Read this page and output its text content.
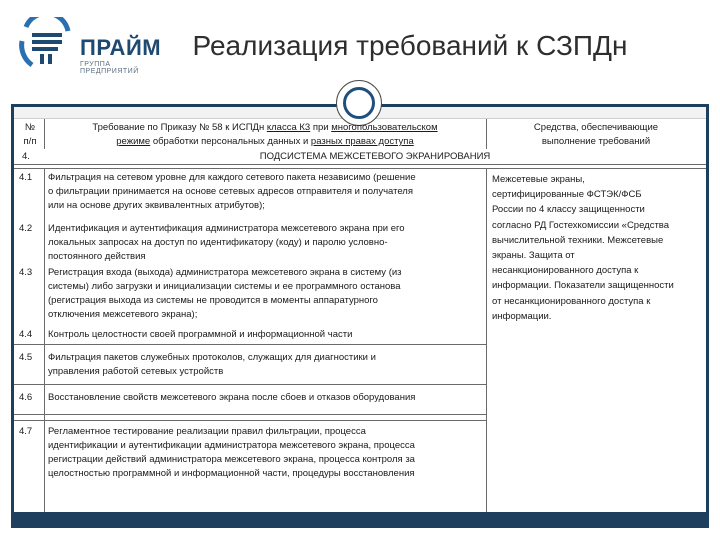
ПРАЙМ
ГРУППА ПРЕДПРИЯТИЙ
Реализация требований к СЗПДн
№
п/п
Требование по Приказу № 58 к ИСПДн класса К3 при многопользовательском
режиме обработки персональных данных и разных правах доступа
Средства, обеспечивающие
выполнение требований
4.	ПОДСИСТЕМА МЕЖСЕТЕВОГО ЭКРАНИРОВАНИЯ
4.1 Фильтрация на сетевом уровне для каждого сетевого пакета независимо (решение
о фильтрации принимается на основе сетевых адресов отправителя и получателя
или на основе других эквивалентных атрибутов);
4.2 Идентификация и аутентификация администратора межсетевого экрана при его
локальных запросах на доступ по идентификатору (коду) и паролю условно-
постоянного действия
4.3 Регистрация входа (выхода) администратора межсетевого экрана в систему (из
системы) либо загрузки и инициализации системы и ее программного останова
(регистрация выхода из системы не проводится в моменты аппаратурного
отключения межсетевого экрана);
4.4 Контроль целостности своей программной и информационной части
4.5 Фильтрация пакетов служебных протоколов, служащих для диагностики и
управления работой сетевых устройств
4.6 Восстановление свойств межсетевого экрана после сбоев и отказов оборудования
4.7 Регламентное тестирование реализации правил фильтрации, процесса
идентификации и аутентификации администратора межсетевого экрана, процесса
регистрации действий администратора межсетевого экрана, процесса контроля за
целостностью программной и информационной части, процедуры восстановления
Межсетевые экраны,
сертифицированные ФСТЭК/ФСБ
России по 4 классу защищенности
согласно РД Гостехкомиссии «Средства
вычислительной техники. Межсетевые
экраны. Защита от
несанкционированного доступа к
информации. Показатели защищенности
от несанкционированного доступа к
информации.
